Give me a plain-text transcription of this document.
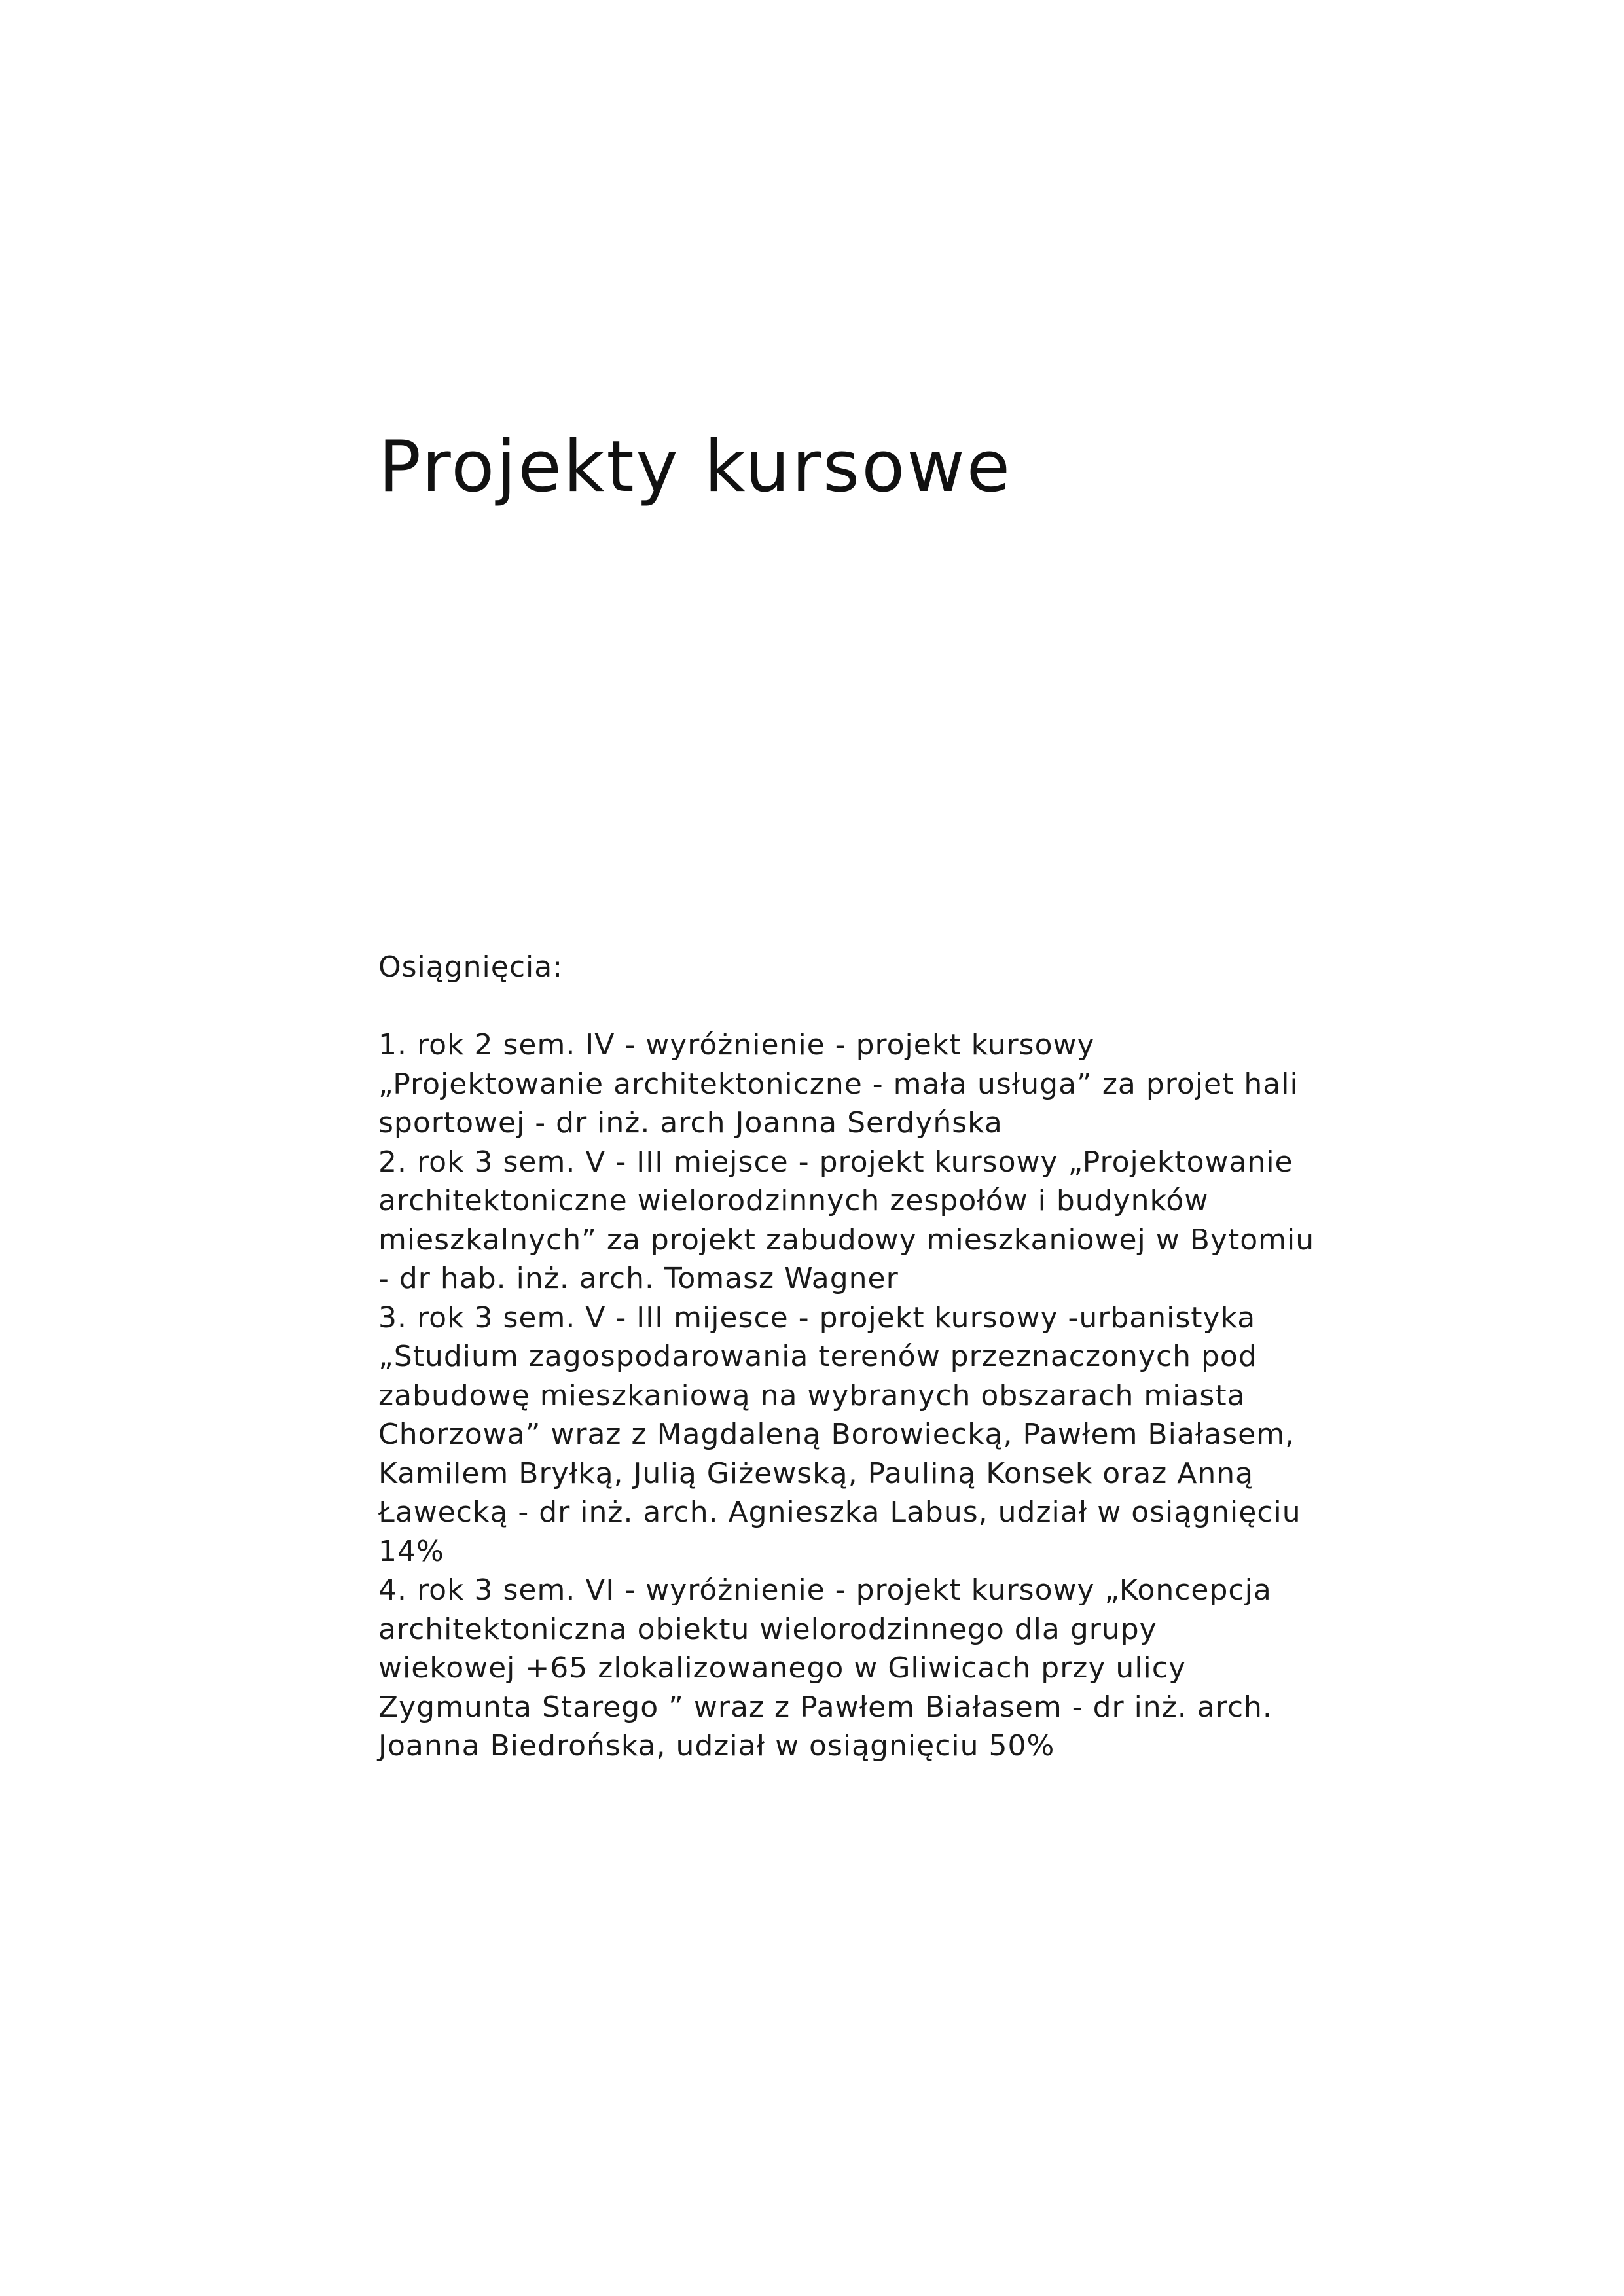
Projekty kursowe

Osiągnięcia:

1. rok 2 sem. IV - wyróżnienie - projekt kursowy
„Projektowanie architektoniczne - mała usługa” za projet hali
sportowej - dr inż. arch Joanna Serdyńska
2. rok 3 sem. V - III miejsce - projekt kursowy „Projektowanie
architektoniczne wielorodzinnych zespołów i budynków
mieszkalnych” za projekt zabudowy mieszkaniowej w Bytomiu
- dr hab. inż. arch. Tomasz Wagner
3. rok 3 sem. V - III mijesce - projekt kursowy -urbanistyka
„Studium zagospodarowania terenów przeznaczonych pod
zabudowę mieszkaniową na wybranych obszarach miasta
Chorzowa” wraz z Magdaleną Borowiecką, Pawłem Białasem,
Kamilem Bryłką, Julią Giżewską, Pauliną Konsek oraz Anną
Ławecką - dr inż. arch. Agnieszka Labus, udział w osiągnięciu
14%
4. rok 3 sem. VI - wyróżnienie - projekt kursowy „Koncepcja
architektoniczna obiektu wielorodzinnego dla grupy
wiekowej +65 zlokalizowanego w Gliwicach przy ulicy
Zygmunta Starego ” wraz z Pawłem Białasem - dr inż. arch.
Joanna Biedrońska, udział w osiągnięciu 50%
